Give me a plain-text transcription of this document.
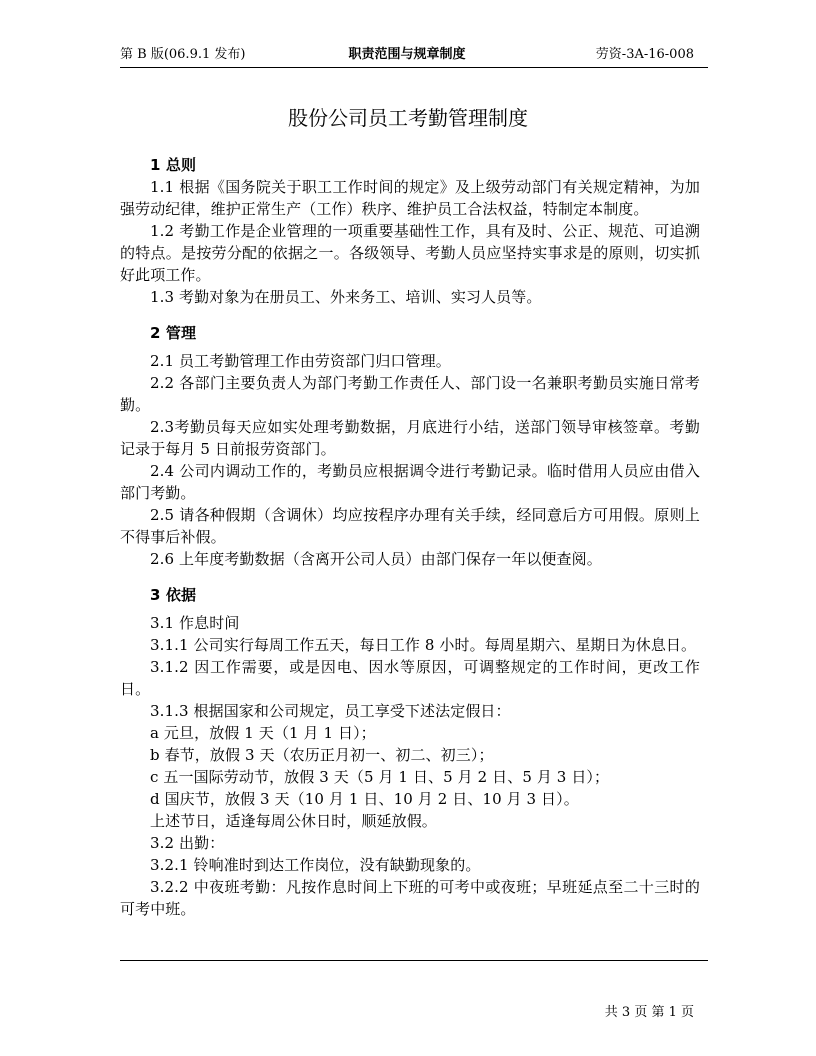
第 B 版(06.9.1 发布)	职责范围与规章制度	劳资-3A-16-008
股份公司员工考勤管理制度
1 总则

1.1 根据《国务院关于职工工作时间的规定》及上级劳动部门有关规定精神，为加强劳动纪律，维护正常生产（工作）秩序、维护员工合法权益，特制定本制度。

1.2 考勤工作是企业管理的一项重要基础性工作，具有及时、公正、规范、可追溯的特点。是按劳分配的依据之一。各级领导、考勤人员应坚持实事求是的原则，切实抓好此项工作。

1.3 考勤对象为在册员工、外来务工、培训、实习人员等。

2 管理

2.1 员工考勤管理工作由劳资部门归口管理。

2.2 各部门主要负责人为部门考勤工作责任人、部门设一名兼职考勤员实施日常考勤。

2.3考勤员每天应如实处理考勤数据，月底进行小结，送部门领导审核签章。考勤记录于每月 5 日前报劳资部门。

2.4 公司内调动工作的，考勤员应根据调令进行考勤记录。临时借用人员应由借入部门考勤。

2.5 请各种假期（含调休）均应按程序办理有关手续，经同意后方可用假。原则上不得事后补假。

2.6 上年度考勤数据（含离开公司人员）由部门保存一年以便查阅。

3 依据

3.1 作息时间

3.1.1 公司实行每周工作五天，每日工作 8 小时。每周星期六、星期日为休息日。

3.1.2 因工作需要，或是因电、因水等原因，可调整规定的工作时间，更改工作日。

3.1.3 根据国家和公司规定，员工享受下述法定假日：

a 元旦，放假 1 天（1 月 1 日）；

b 春节，放假 3 天（农历正月初一、初二、初三）；

c 五一国际劳动节，放假 3 天（5 月 1 日、5 月 2 日、5 月 3 日）；

d 国庆节，放假 3 天（10 月 1 日、10 月 2 日、10 月 3 日）。

上述节日，适逢每周公休日时，顺延放假。

3.2 出勤：

3.2.1 铃响准时到达工作岗位，没有缺勤现象的。

3.2.2 中夜班考勤：凡按作息时间上下班的可考中或夜班；早班延点至二十三时的可考中班。

共 3 页 第 1 页
